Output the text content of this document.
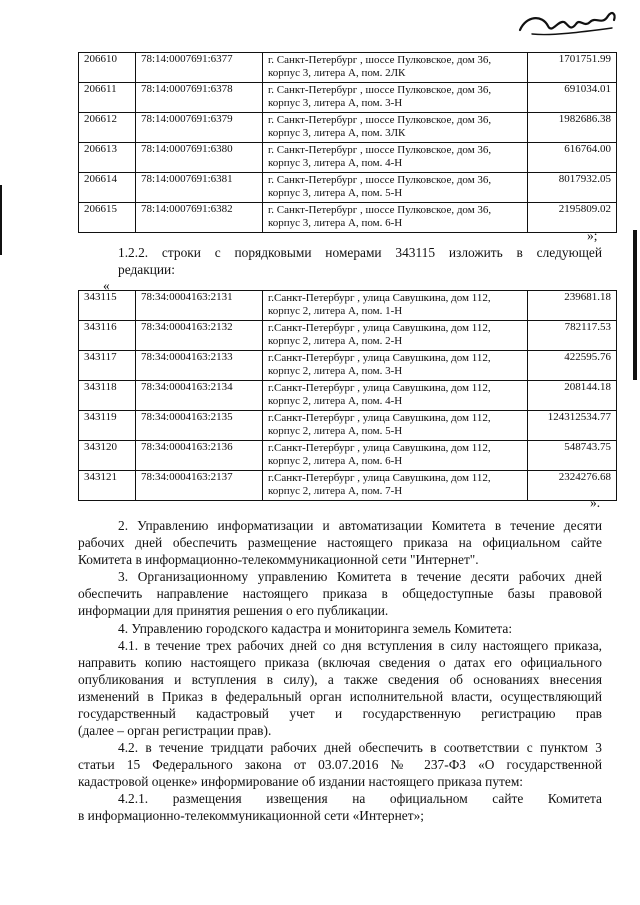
206610	78:14:0007691:6377	г. Санкт-Петербург , шоссе Пулковское, дом 36,
корпус 3, литера А, пом. 2ЛК	1701751.99

206611	78:14:0007691:6378	г. Санкт-Петербург , шоссе Пулковское, дом 36,
корпус 3, литера А, пом. 3-Н	691034.01

206612	78:14:0007691:6379	г. Санкт-Петербург , шоссе Пулковское, дом 36,
корпус 3, литера А, пом. 3ЛК	1982686.38

206613	78:14:0007691:6380	г. Санкт-Петербург , шоссе Пулковское, дом 36,
корпус 3, литера А, пом. 4-Н	616764.00

206614	78:14:0007691:6381	г. Санкт-Петербург , шоссе Пулковское, дом 36,
корпус 3, литера А, пом. 5-Н	8017932.05

206615	78:14:0007691:6382	г. Санкт-Петербург , шоссе Пулковское, дом 36,
корпус 3, литера А, пом. 6-Н	2195809.02
»;
1.2.2. строки с порядковыми номерами 343115 изложить в следующей
редакции:
«
343115	78:34:0004163:2131	г.Санкт-Петербург , улица Савушкина, дом 112,
корпус 2, литера А, пом. 1-Н	239681.18

343116	78:34:0004163:2132	г.Санкт-Петербург , улица Савушкина, дом 112,
корпус 2, литера А, пом. 2-Н	782117.53

343117	78:34:0004163:2133	г.Санкт-Петербург , улица Савушкина, дом 112,
корпус 2, литера А, пом. 3-Н	422595.76

343118	78:34:0004163:2134	г.Санкт-Петербург , улица Савушкина, дом 112,
корпус 2, литера А, пом. 4-Н	208144.18

343119	78:34:0004163:2135	г.Санкт-Петербург , улица Савушкина, дом 112,
корпус 2, литера А, пом. 5-Н	124312534.77

343120	78:34:0004163:2136	г.Санкт-Петербург , улица Савушкина, дом 112,
корпус 2, литера А, пом. 6-Н	548743.75

343121	78:34:0004163:2137	г.Санкт-Петербург , улица Савушкина, дом 112,
корпус 2, литера А, пом. 7-Н	2324276.68
».
2. Управлению информатизации и автоматизации Комитета в течение десяти
рабочих дней обеспечить размещение настоящего приказа на официальном сайте
Комитета в информационно-телекоммуникационной сети "Интернет".
3. Организационному управлению Комитета в течение десяти рабочих дней
обеспечить направление настоящего приказа в общедоступные базы правовой
информации для принятия решения о его публикации.
4. Управлению городского кадастра и мониторинга земель Комитета:
4.1. в течение трех рабочих дней со дня вступления в силу настоящего приказа,
направить копию настоящего приказа (включая сведения о датах его официального
опубликования и вступления в силу), а также сведения об основаниях внесения
изменений в Приказ в федеральный орган исполнительной власти, осуществляющий
государственный кадастровый учет и государственную регистрацию прав
(далее – орган регистрации прав).
4.2. в течение тридцати рабочих дней обеспечить в соответствии с пунктом 3
статьи 15 Федерального закона от 03.07.2016 № 237-ФЗ «О государственной
кадастровой оценке» информирование об издании настоящего приказа путем:
4.2.1. размещения извещения на официальном сайте Комитета
в информационно-телекоммуникационной сети «Интернет»;
